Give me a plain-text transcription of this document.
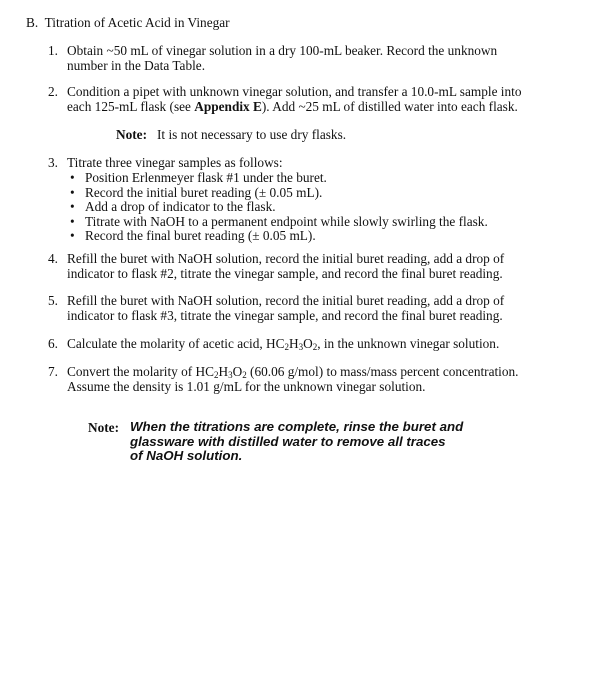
B. Titration of Acetic Acid in Vinegar
1. Obtain ~50 mL of vinegar solution in a dry 100-mL beaker. Record the unknown
number in the Data Table.
2. Condition a pipet with unknown vinegar solution, and transfer a 10.0-mL sample into
each 125-mL flask (see Appendix E). Add ~25 mL of distilled water into each flask.
Note: It is not necessary to use dry flasks.
3. Titrate three vinegar samples as follows:
• Position Erlenmeyer flask #1 under the buret.
• Record the initial buret reading (± 0.05 mL).
• Add a drop of indicator to the flask.
• Titrate with NaOH to a permanent endpoint while slowly swirling the flask.
• Record the final buret reading (± 0.05 mL).
4. Refill the buret with NaOH solution, record the initial buret reading, add a drop of
indicator to flask #2, titrate the vinegar sample, and record the final buret reading.
5. Refill the buret with NaOH solution, record the initial buret reading, add a drop of
indicator to flask #3, titrate the vinegar sample, and record the final buret reading.
6. Calculate the molarity of acetic acid, $HC_2H_3O_2$, in the unknown vinegar solution.
7. Convert the molarity of $HC_2H_3O_2$ (60.06 g/mol) to mass/mass percent concentration.
Assume the density is 1.01 g/mL for the unknown vinegar solution.
Note: When the titrations are complete, rinse the buret and
glassware with distilled water to remove all traces
of NaOH solution.
